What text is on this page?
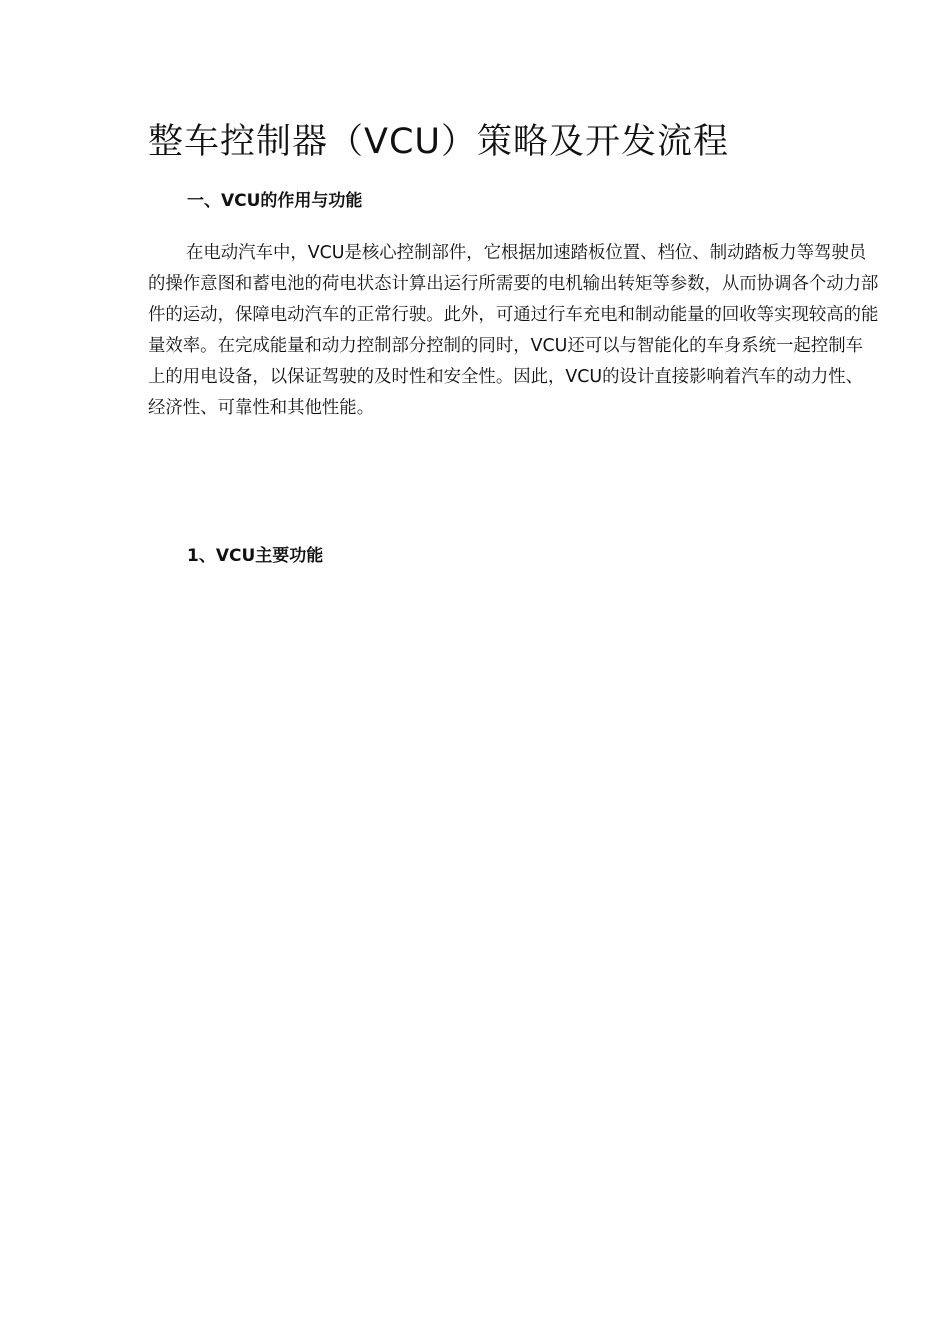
整车控制器（VCU）策略及开发流程
一、VCU的作用与功能
在电动汽车中，VCU是核心控制部件，它根据加速踏板位置、档位、制动踏板力等驾驶员
的操作意图和蓄电池的荷电状态计算出运行所需要的电机输出转矩等参数，从而协调各个动力部
件的运动，保障电动汽车的正常行驶。此外，可通过行车充电和制动能量的回收等实现较高的能
量效率。在完成能量和动力控制部分控制的同时，VCU还可以与智能化的车身系统一起控制车
上的用电设备，以保证驾驶的及时性和安全性。因此，VCU的设计直接影响着汽车的动力性、
经济性、可靠性和其他性能。
1、VCU主要功能
